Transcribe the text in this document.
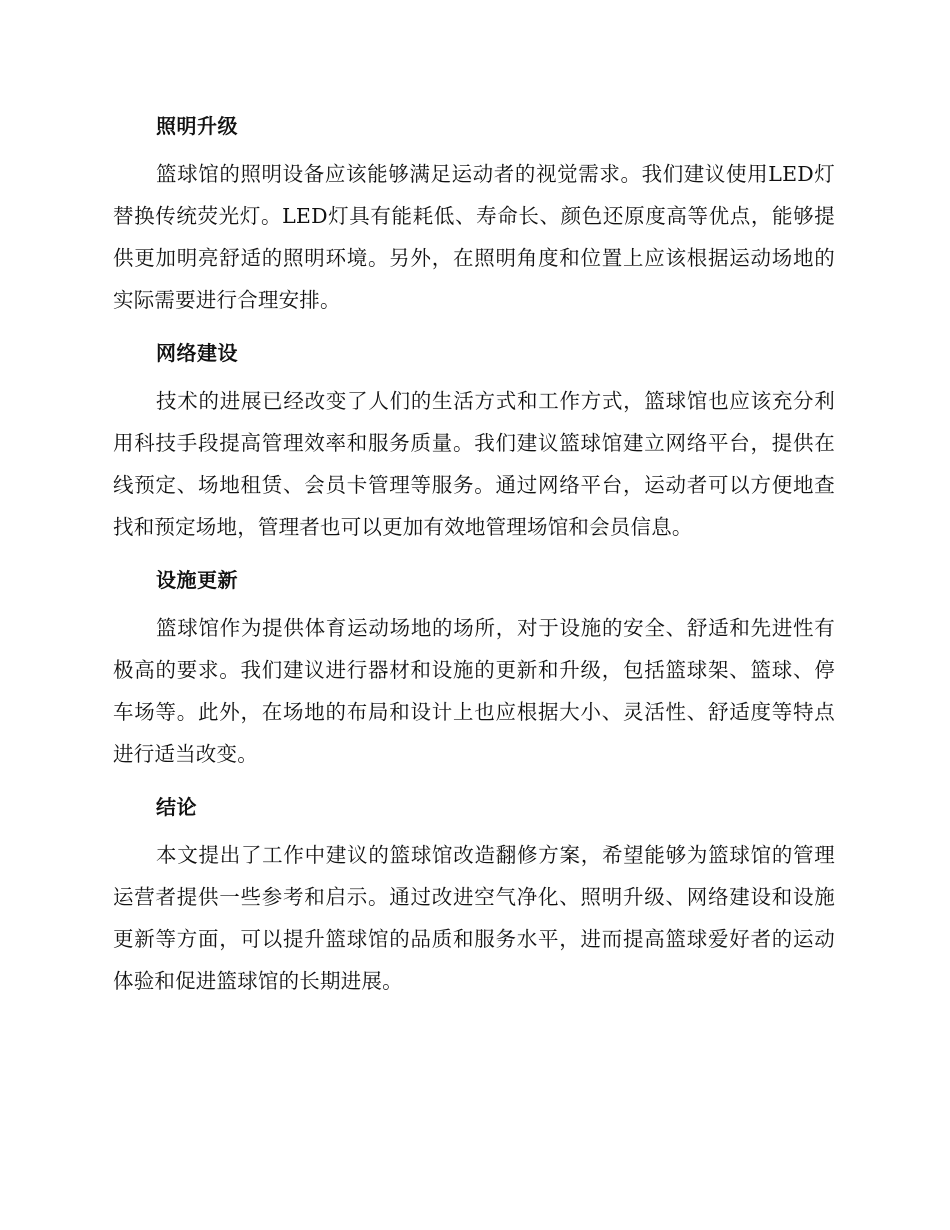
照明升级

篮球馆的照明设备应该能够满足运动者的视觉需求。我们建议使用LED灯替换传统荧光灯。LED灯具有能耗低、寿命长、颜色还原度高等优点，能够提供更加明亮舒适的照明环境。另外，在照明角度和位置上应该根据运动场地的实际需要进行合理安排。

网络建设

技术的进展已经改变了人们的生活方式和工作方式，篮球馆也应该充分利用科技手段提高管理效率和服务质量。我们建议篮球馆建立网络平台，提供在线预定、场地租赁、会员卡管理等服务。通过网络平台，运动者可以方便地查找和预定场地，管理者也可以更加有效地管理场馆和会员信息。

设施更新

篮球馆作为提供体育运动场地的场所，对于设施的安全、舒适和先进性有极高的要求。我们建议进行器材和设施的更新和升级，包括篮球架、篮球、停车场等。此外，在场地的布局和设计上也应根据大小、灵活性、舒适度等特点进行适当改变。

结论

本文提出了工作中建议的篮球馆改造翻修方案，希望能够为篮球馆的管理运营者提供一些参考和启示。通过改进空气净化、照明升级、网络建设和设施更新等方面，可以提升篮球馆的品质和服务水平，进而提高篮球爱好者的运动体验和促进篮球馆的长期进展。
